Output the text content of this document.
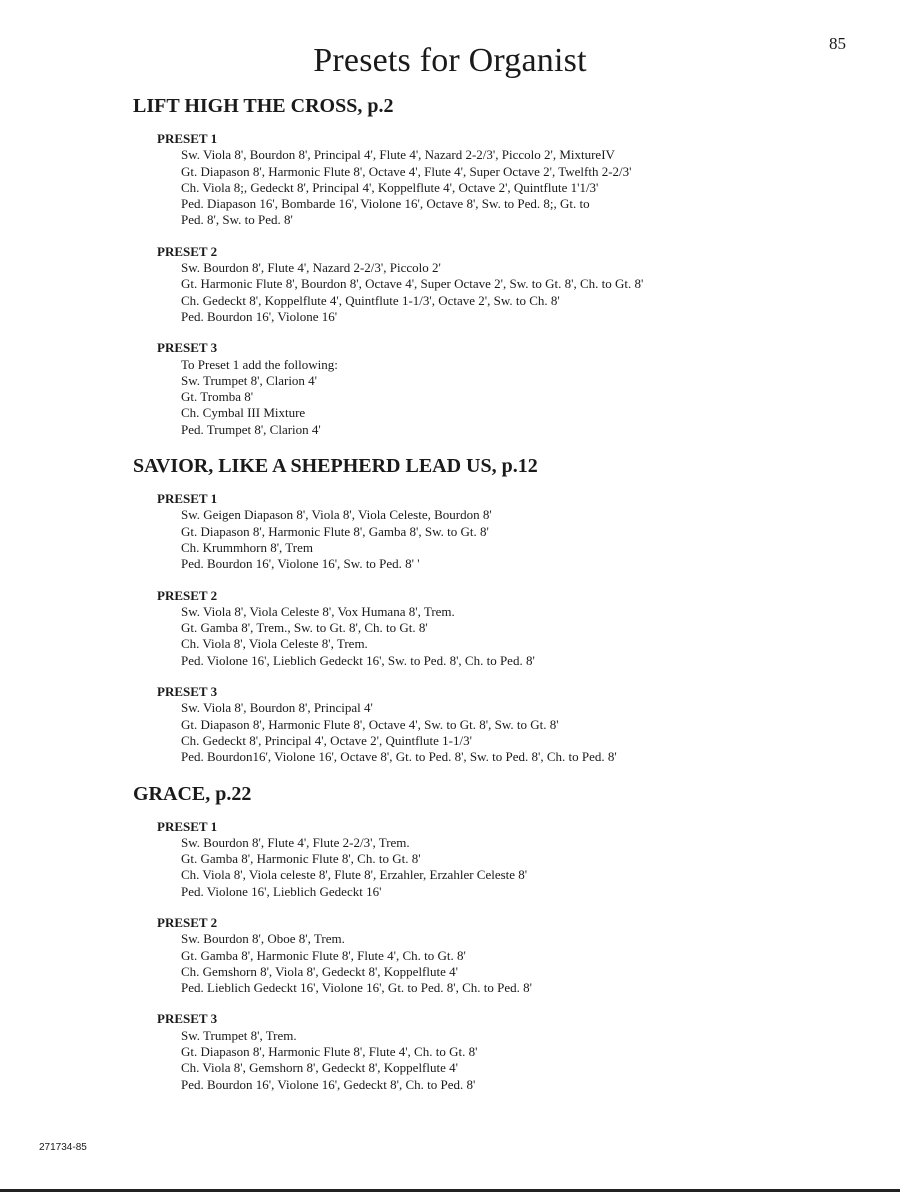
85
Presets for Organist
LIFT HIGH THE CROSS, p.2
PRESET 1
Sw. Viola 8', Bourdon 8', Principal 4', Flute 4', Nazard 2-2/3', Piccolo 2', MixtureIV
Gt. Diapason 8', Harmonic Flute 8', Octave 4', Flute 4', Super Octave 2', Twelfth 2-2/3'
Ch. Viola 8;, Gedeckt 8', Principal 4', Koppelflute 4', Octave 2', Quintflute 1'1/3'
Ped. Diapason 16', Bombarde 16', Violone 16', Octave 8', Sw. to Ped. 8;, Gt. to
Ped. 8', Sw. to Ped. 8'
PRESET 2
Sw. Bourdon 8', Flute 4', Nazard 2-2/3', Piccolo 2'
Gt. Harmonic Flute 8', Bourdon 8', Octave 4', Super Octave 2', Sw. to Gt. 8', Ch. to Gt. 8'
Ch. Gedeckt 8', Koppelflute 4', Quintflute 1-1/3', Octave 2', Sw. to Ch. 8'
Ped. Bourdon 16', Violone 16'
PRESET 3
To Preset 1 add the following:
Sw. Trumpet 8', Clarion 4'
Gt. Tromba 8'
Ch. Cymbal III Mixture
Ped. Trumpet 8', Clarion 4'
SAVIOR, LIKE A SHEPHERD LEAD US, p.12
PRESET 1
Sw. Geigen Diapason 8', Viola 8', Viola Celeste, Bourdon 8'
Gt. Diapason 8', Harmonic Flute 8', Gamba 8', Sw. to Gt. 8'
Ch. Krummhorn 8', Trem
Ped. Bourdon 16', Violone 16', Sw. to Ped. 8' '
PRESET 2
Sw. Viola 8', Viola Celeste 8', Vox Humana 8', Trem.
Gt. Gamba 8', Trem., Sw. to Gt. 8', Ch. to Gt. 8'
Ch. Viola 8', Viola Celeste 8', Trem.
Ped. Violone 16', Lieblich Gedeckt 16', Sw. to Ped. 8', Ch. to Ped. 8'
PRESET 3
Sw. Viola 8', Bourdon 8', Principal 4'
Gt. Diapason 8', Harmonic Flute 8', Octave 4', Sw. to Gt. 8', Sw. to Gt. 8'
Ch. Gedeckt 8', Principal 4', Octave 2', Quintflute 1-1/3'
Ped. Bourdon16', Violone 16', Octave 8', Gt. to Ped. 8', Sw. to Ped. 8', Ch. to Ped. 8'
GRACE, p.22
PRESET 1
Sw. Bourdon 8', Flute 4', Flute 2-2/3', Trem.
Gt. Gamba 8', Harmonic Flute 8', Ch. to Gt. 8'
Ch. Viola 8', Viola celeste 8', Flute 8', Erzahler, Erzahler Celeste 8'
Ped. Violone 16', Lieblich Gedeckt 16'
PRESET 2
Sw. Bourdon 8', Oboe 8', Trem.
Gt. Gamba 8', Harmonic Flute 8', Flute 4', Ch. to Gt. 8'
Ch. Gemshorn 8', Viola 8', Gedeckt 8', Koppelflute 4'
Ped. Lieblich Gedeckt 16', Violone 16', Gt. to Ped. 8', Ch. to Ped. 8'
PRESET 3
Sw. Trumpet 8', Trem.
Gt. Diapason 8', Harmonic Flute 8', Flute 4', Ch. to Gt. 8'
Ch. Viola 8', Gemshorn 8', Gedeckt 8', Koppelflute 4'
Ped. Bourdon 16', Violone 16', Gedeckt 8', Ch. to Ped. 8'
271734-85
